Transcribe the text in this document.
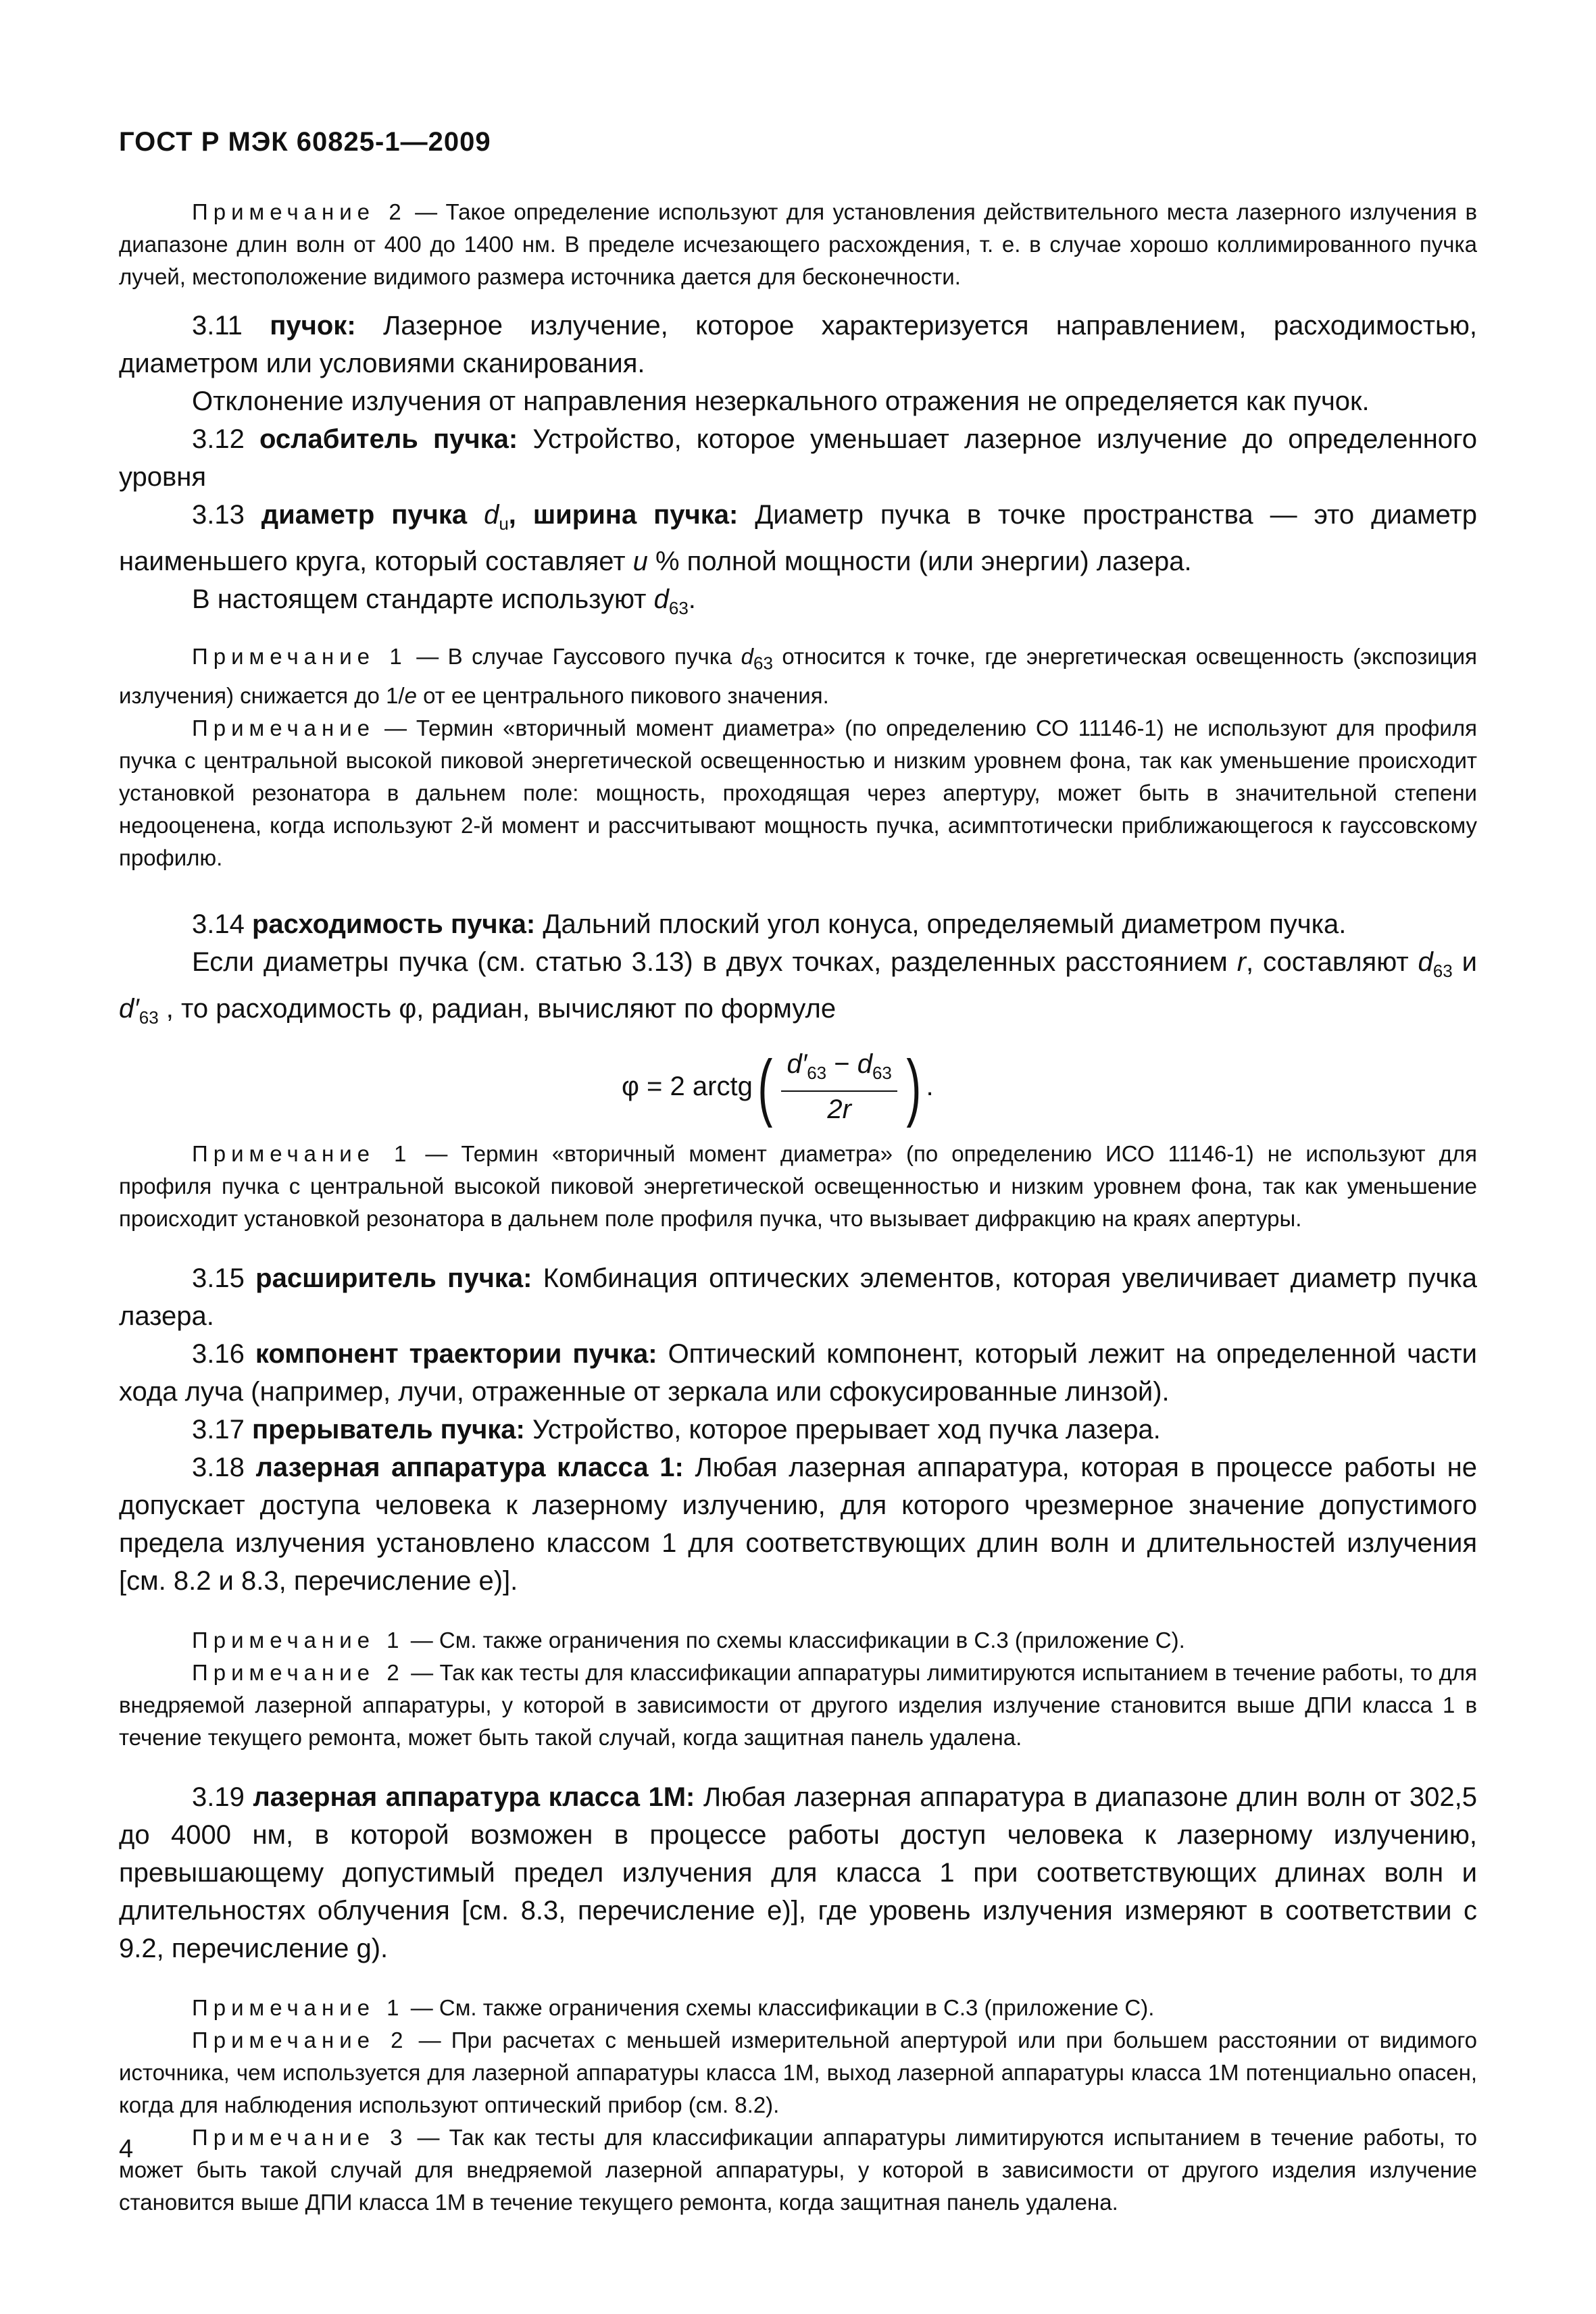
ГОСТ Р МЭК 60825-1—2009

Примечание 2 — Такое определение используют для установления действительного места лазерного излучения в диапазоне длин волн от 400 до 1400 нм. В пределе исчезающего расхождения, т. е. в случае хорошо коллимированного пучка лучей, местоположение видимого размера источника дается для бесконечности.

3.11 пучок: Лазерное излучение, которое характеризуется направлением, расходимостью, диаметром или условиями сканирования.

Отклонение излучения от направления незеркального отражения не определяется как пучок.

3.12 ослабитель пучка: Устройство, которое уменьшает лазерное излучение до определенного уровня

3.13 диаметр пучка $d_u$, ширина пучка: Диаметр пучка в точке пространства — это диаметр наименьшего круга, который составляет u % полной мощности (или энергии) лазера.

В настоящем стандарте используют $d_{63}$.

Примечание 1 — В случае Гауссового пучка $d_{63}$ относится к точке, где энергетическая освещенность (экспозиция излучения) снижается до 1/e от ее центрального пикового значения.

Примечание — Термин «вторичный момент диаметра» (по определению СО 11146-1) не используют для профиля пучка с центральной высокой пиковой энергетической освещенностью и низким уровнем фона, так как уменьшение происходит установкой резонатора в дальнем поле: мощность, проходящая через апертуру, может быть в значительной степени недооценена, когда используют 2-й момент и рассчитывают мощность пучка, асимптотически приближающегося к гауссовскому профилю.

3.14 расходимость пучка: Дальний плоский угол конуса, определяемый диаметром пучка.

Если диаметры пучка (см. статью 3.13) в двух точках, разделенных расстоянием r, составляют $d_{63}$ и $d'_{63}$ , то расходимость φ, радиан, вычисляют по формуле

φ = 2 arctg ( $\frac{d'_{63} - d_{63}}{2r}$ ) .

Примечание 1 — Термин «вторичный момент диаметра» (по определению ИСО 11146-1) не используют для профиля пучка с центральной высокой пиковой энергетической освещенностью и низким уровнем фона, так как уменьшение происходит установкой резонатора в дальнем поле профиля пучка, что вызывает дифракцию на краях апертуры.

3.15 расширитель пучка: Комбинация оптических элементов, которая увеличивает диаметр пучка лазера.

3.16 компонент траектории пучка: Оптический компонент, который лежит на определенной части хода луча (например, лучи, отраженные от зеркала или сфокусированные линзой).

3.17 прерыватель пучка: Устройство, которое прерывает ход пучка лазера.

3.18 лазерная аппаратура класса 1: Любая лазерная аппаратура, которая в процессе работы не допускает доступа человека к лазерному излучению, для которого чрезмерное значение допустимого предела излучения установлено классом 1 для соответствующих длин волн и длительностей излучения [см. 8.2 и 8.3, перечисление е)].

Примечание 1 — См. также ограничения по схемы классификации в С.3 (приложение С).

Примечание 2 — Так как тесты для классификации аппаратуры лимитируются испытанием в течение работы, то для внедряемой лазерной аппаратуры, у которой в зависимости от другого изделия излучение становится выше ДПИ класса 1 в течение текущего ремонта, может быть такой случай, когда защитная панель удалена.

3.19 лазерная аппаратура класса 1М: Любая лазерная аппаратура в диапазоне длин волн от 302,5 до 4000 нм, в которой возможен в процессе работы доступ человека к лазерному излучению, превышающему допустимый предел излучения для класса 1 при соответствующих длинах волн и длительностях облучения [см. 8.3, перечисление е)], где уровень излучения измеряют в соответствии с 9.2, перечисление g).

Примечание 1 — См. также ограничения схемы классификации в С.3 (приложение С).

Примечание 2 — При расчетах с меньшей измерительной апертурой или при большем расстоянии от видимого источника, чем используется для лазерной аппаратуры класса 1М, выход лазерной аппаратуры класса 1М потенциально опасен, когда для наблюдения используют оптический прибор (см. 8.2).

Примечание 3 — Так как тесты для классификации аппаратуры лимитируются испытанием в течение работы, то может быть такой случай для внедряемой лазерной аппаратуры, у которой в зависимости от другого изделия излучение становится выше ДПИ класса 1М в течение текущего ремонта, когда защитная панель удалена.

4
